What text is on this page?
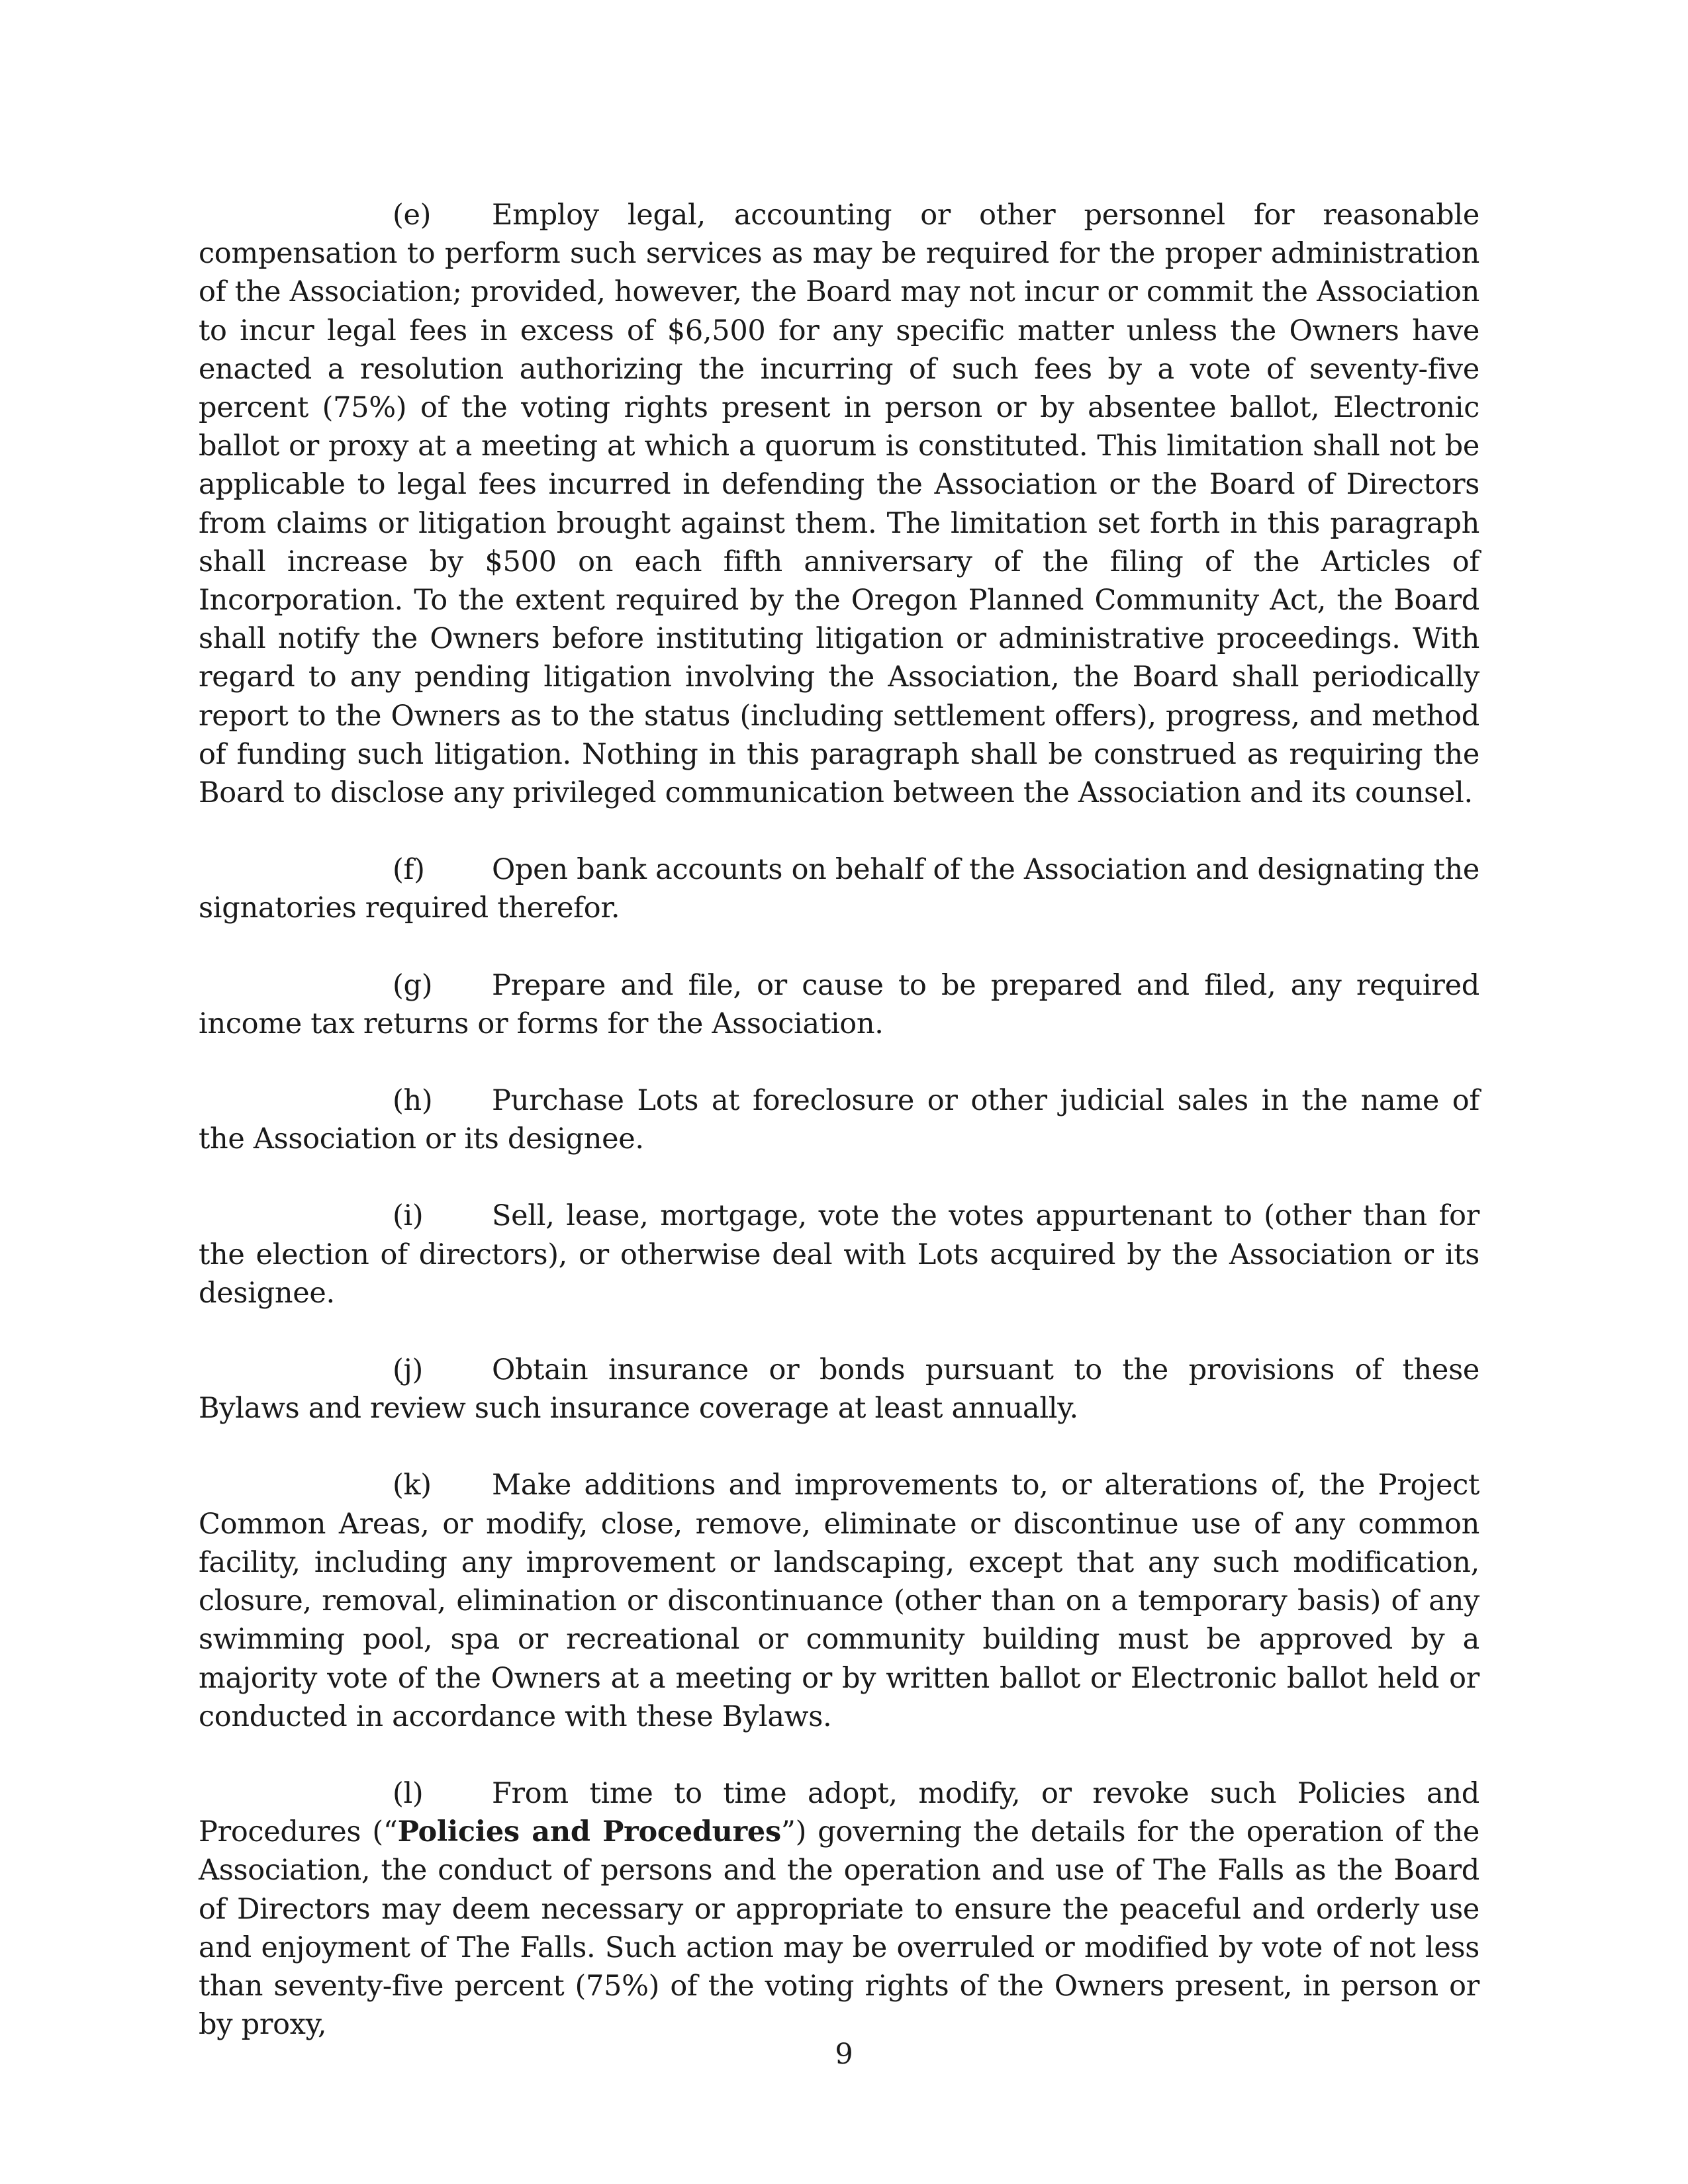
(e) Employ legal, accounting or other personnel for reasonable compensation to perform such services as may be required for the proper administration of the Association; provided, however, the Board may not incur or commit the Association to incur legal fees in excess of $6,500 for any specific matter unless the Owners have enacted a resolution authorizing the incurring of such fees by a vote of seventy-five percent (75%) of the voting rights present in person or by absentee ballot, Electronic ballot or proxy at a meeting at which a quorum is constituted. This limitation shall not be applicable to legal fees incurred in defending the Association or the Board of Directors from claims or litigation brought against them. The limitation set forth in this paragraph shall increase by $500 on each fifth anniversary of the filing of the Articles of Incorporation. To the extent required by the Oregon Planned Community Act, the Board shall notify the Owners before instituting litigation or administrative proceedings. With regard to any pending litigation involving the Association, the Board shall periodically report to the Owners as to the status (including settlement offers), progress, and method of funding such litigation. Nothing in this paragraph shall be construed as requiring the Board to disclose any privileged communication between the Association and its counsel.

(f) Open bank accounts on behalf of the Association and designating the signatories required therefor.

(g) Prepare and file, or cause to be prepared and filed, any required income tax returns or forms for the Association.

(h) Purchase Lots at foreclosure or other judicial sales in the name of the Association or its designee.

(i) Sell, lease, mortgage, vote the votes appurtenant to (other than for the election of directors), or otherwise deal with Lots acquired by the Association or its designee.

(j) Obtain insurance or bonds pursuant to the provisions of these Bylaws and review such insurance coverage at least annually.

(k) Make additions and improvements to, or alterations of, the Project Common Areas, or modify, close, remove, eliminate or discontinue use of any common facility, including any improvement or landscaping, except that any such modification, closure, removal, elimination or discontinuance (other than on a temporary basis) of any swimming pool, spa or recreational or community building must be approved by a majority vote of the Owners at a meeting or by written ballot or Electronic ballot held or conducted in accordance with these Bylaws.

(l) From time to time adopt, modify, or revoke such Policies and Procedures (“Policies and Procedures”) governing the details for the operation of the Association, the conduct of persons and the operation and use of The Falls as the Board of Directors may deem necessary or appropriate to ensure the peaceful and orderly use and enjoyment of The Falls. Such action may be overruled or modified by vote of not less than seventy-five percent (75%) of the voting rights of the Owners present, in person or by proxy,

9
